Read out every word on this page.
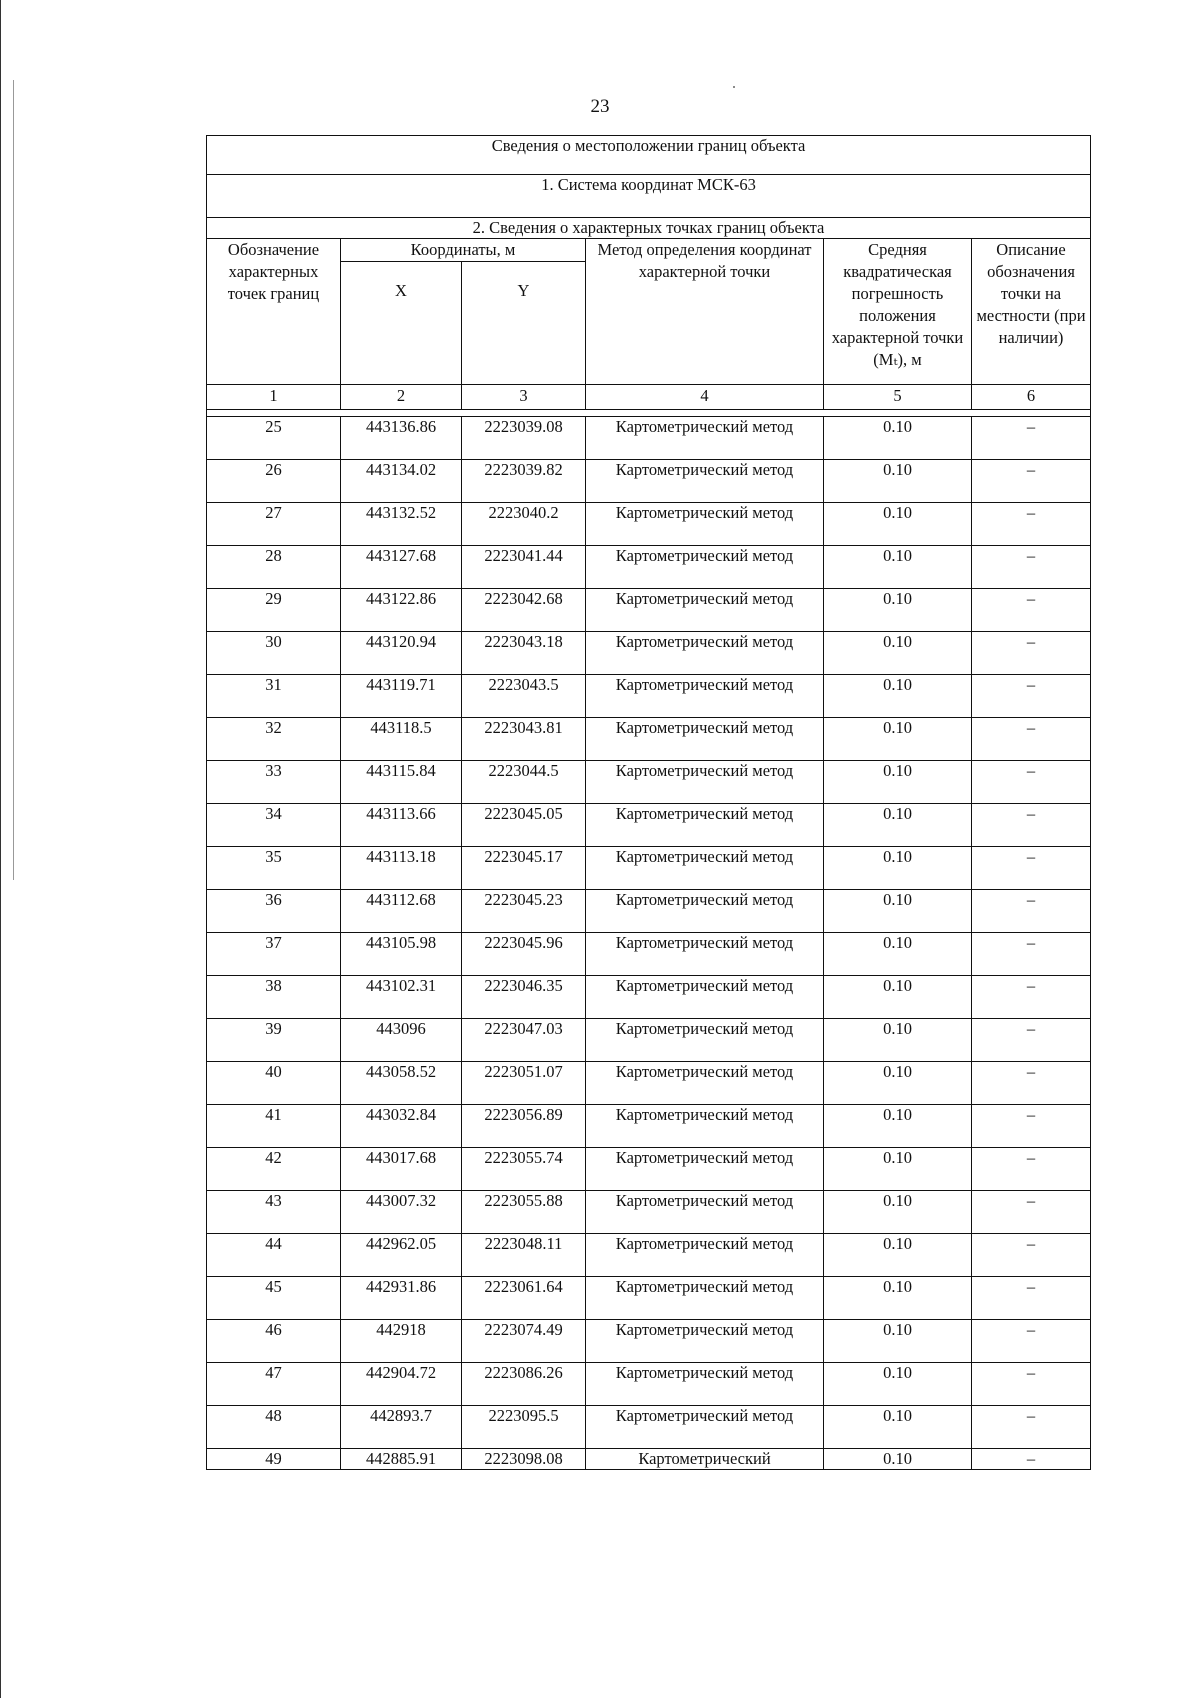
23
Сведения о местоположении границ объекта					
1. Система координат МСК-63					
2. Сведения о характерных точках границ объекта					
Обозначение характерных точек границ	Координаты, м		Метод определения координат характерной точки	Средняя квадратическая погрешность положения характерной точки (Mₜ), м	Описание обозначения точки на местности (при наличии)
	X	Y			
1	2	3	4	5	6

25	443136.86	2223039.08	Картометрический метод	0.10	–
26	443134.02	2223039.82	Картометрический метод	0.10	–
27	443132.52	2223040.2	Картометрический метод	0.10	–
28	443127.68	2223041.44	Картометрический метод	0.10	–
29	443122.86	2223042.68	Картометрический метод	0.10	–
30	443120.94	2223043.18	Картометрический метод	0.10	–
31	443119.71	2223043.5	Картометрический метод	0.10	–
32	443118.5	2223043.81	Картометрический метод	0.10	–
33	443115.84	2223044.5	Картометрический метод	0.10	–
34	443113.66	2223045.05	Картометрический метод	0.10	–
35	443113.18	2223045.17	Картометрический метод	0.10	–
36	443112.68	2223045.23	Картометрический метод	0.10	–
37	443105.98	2223045.96	Картометрический метод	0.10	–
38	443102.31	2223046.35	Картометрический метод	0.10	–
39	443096	2223047.03	Картометрический метод	0.10	–
40	443058.52	2223051.07	Картометрический метод	0.10	–
41	443032.84	2223056.89	Картометрический метод	0.10	–
42	443017.68	2223055.74	Картометрический метод	0.10	–
43	443007.32	2223055.88	Картометрический метод	0.10	–
44	442962.05	2223048.11	Картометрический метод	0.10	–
45	442931.86	2223061.64	Картометрический метод	0.10	–
46	442918	2223074.49	Картометрический метод	0.10	–
47	442904.72	2223086.26	Картометрический метод	0.10	–
48	442893.7	2223095.5	Картометрический метод	0.10	–
49	442885.91	2223098.08	Картометрический	0.10	–
